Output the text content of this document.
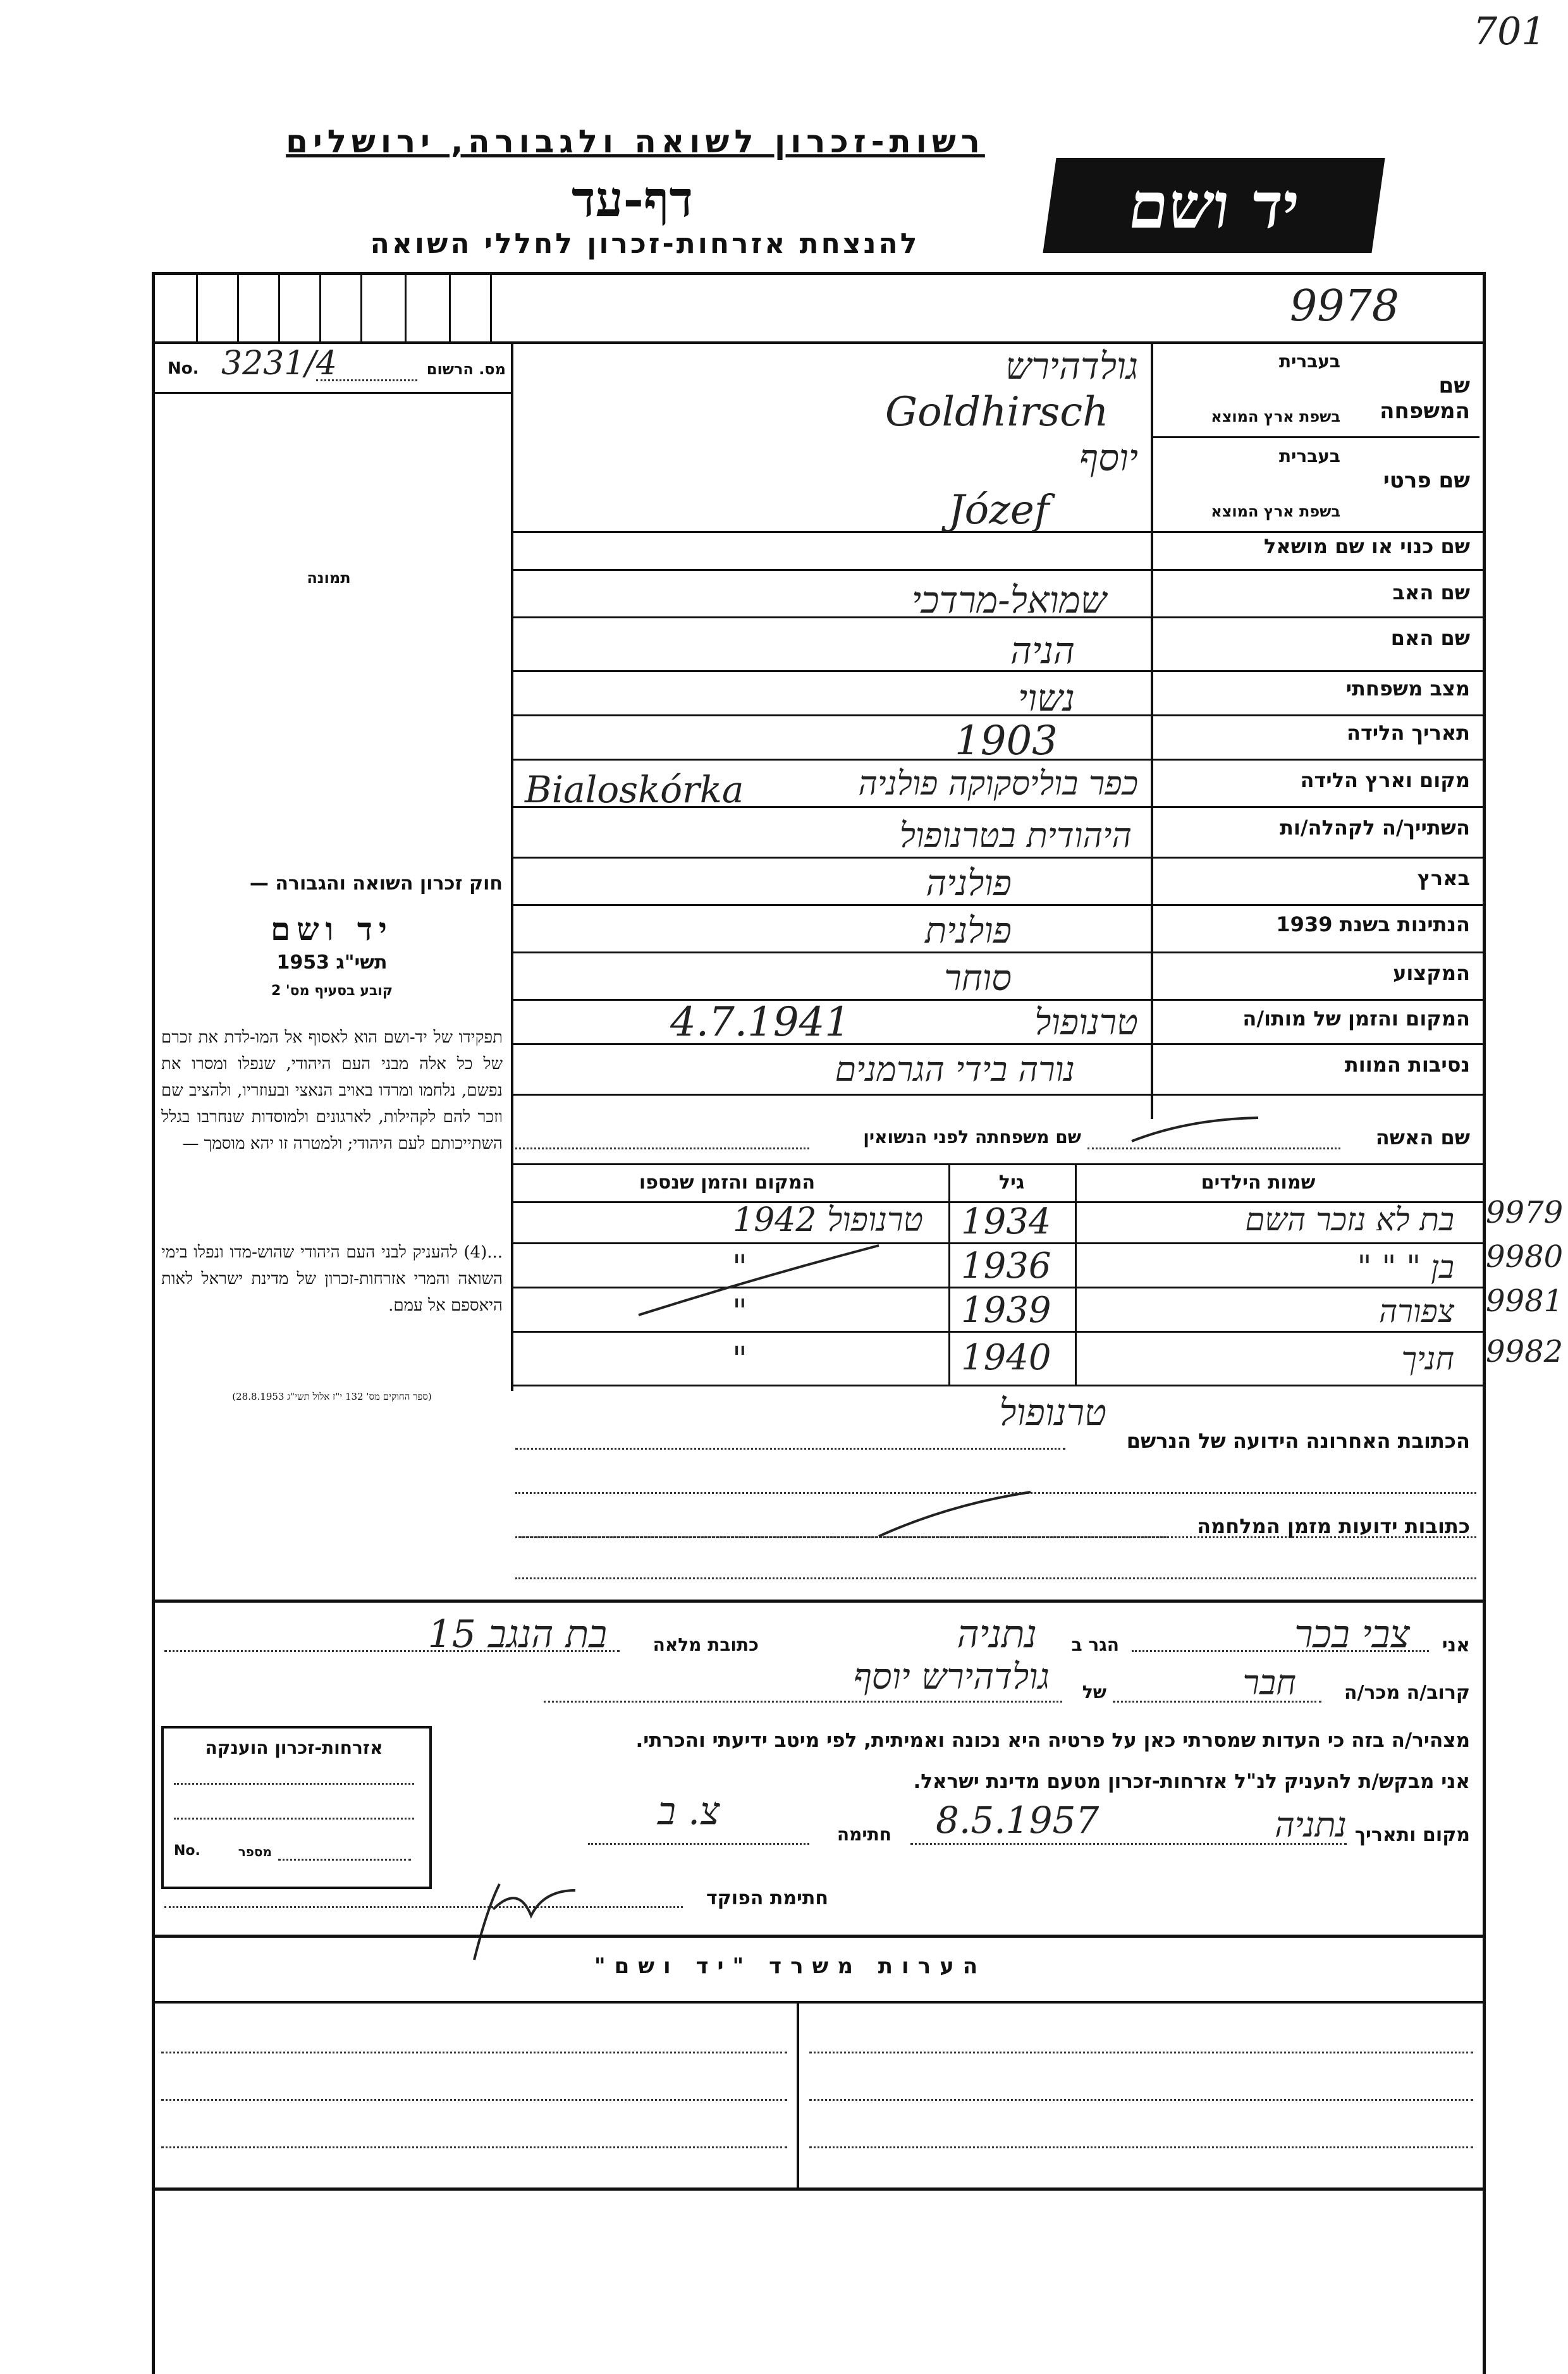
701
רשות-זכרון לשואה ולגבורה, ירושלים
דף-עד
להנצחת אזרחות-זכרון לחללי השואה
יד ושם
9978
No. 3231/4	מס. הרשום
תמונה
בעברית
שם המשפחה
בשפת ארץ המוצא
בעברית
שם פרטי
בשפת ארץ המוצא
שם כנוי או שם מושאל
שם האב
שם האם
מצב משפחתי
תאריך הלידה
מקום וארץ הלידה
השתייך/ה לקהלה/ות
בארץ
הנתינות בשנת 1939
המקצוע
המקום והזמן של מותו/ה
נסיבות המוות
גולדהירש
Goldhirsch
יוסף
Józef
שמואל-מרדכי
הניה
נשוי
1903
כפר בוליסקוקה פולניה
Bialoskórka
היהודית בטרנופול
פולניה
פולנית
סוחר
טרנופול
4.7.1941
נורה בידי הגרמנים
חוק זכרון השואה והגבורה —
יד ושם
תשי"ג 1953
קובע בסעיף מס' 2
תפקידו של יד-ושם הוא לאסוף אל המו-לדת את זכרם של כל אלה מבני העם היהודי, שנפלו ומסרו את נפשם, נלחמו ומרדו באויב הנאצי ובעוזריו, ולהציב שם וזכר להם לקהילות, לארגונים ולמוסדות שנחרבו בגלל השתייכותם לעם היהודי; ולמטרה זו יהא מוסמך —
...(4) להעניק לבני העם היהודי שהוש-מדו ונפלו בימי השואה והמרי אזרחות-זכרון של מדינת ישראל לאות היאספם אל עמם.
(ספר החוקים מס' 132 י"ז אלול תשי"ג 28.8.1953)
שם האשה
שם משפחתה לפני הנשואין
שמות הילדים
גיל
המקום והזמן שנספו
בת לא נזכר השם
1934
טרנופול 1942
בן " " "
1936
"
צפורה
1939
"
חניך
1940
"
9979
9980
9981
9982
טרנופול
הכתובת האחרונה הידועה של הנרשם
כתובות ידועות מזמן המלחמה
אני
צבי בכר
הגר ב
נתניה
כתובת מלאה
בת הנגב 15
קרוב/ה מכר/ה
חבר
של
גולדהירש יוסף
מצהיר/ה בזה כי העדות שמסרתי כאן על פרטיה היא נכונה ואמיתית, לפי מיטב ידיעתי והכרתי.
אני מבקש/ת להעניק לנ"ל אזרחות-זכרון מטעם מדינת ישראל.
מקום ותאריך
נתניה
8.5.1957
חתימה
צ. ב
חתימת הפוקד
אזרחות-זכרון הוענקה
No.	מספר
הערות משרד "יד ושם"
